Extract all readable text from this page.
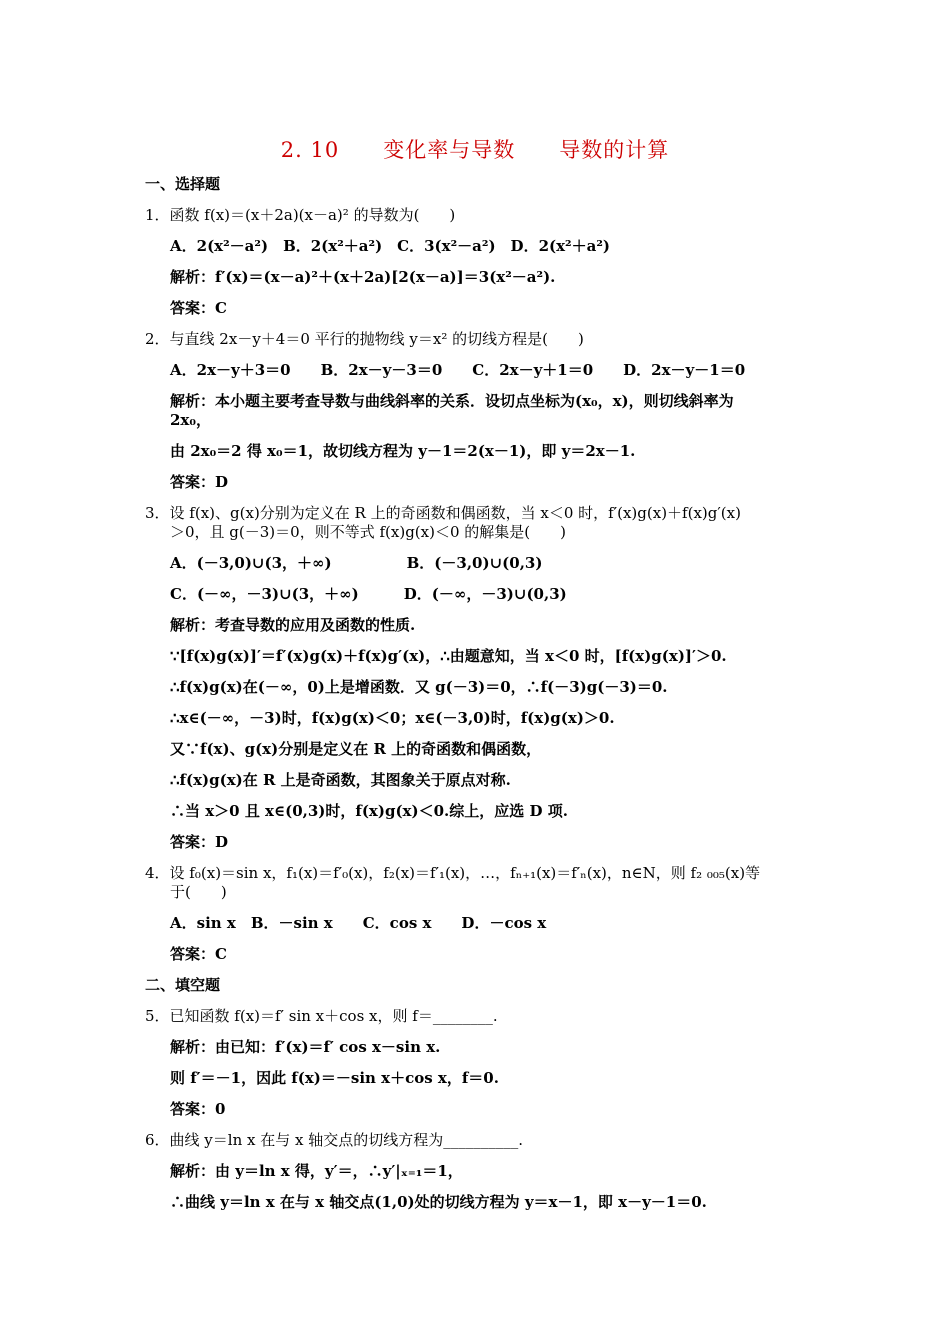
2. 10　　变化率与导数　　导数的计算
一、选择题
1．函数 f(x)＝(x＋2a)(x－a)² 的导数为(　　)
A．2(x²－a²)　B．2(x²＋a²)　C．3(x²－a²)　D．2(x²＋a²)
解析：f′(x)＝(x－a)²＋(x＋2a)[2(x－a)]＝3(x²－a²).
答案：C
2．与直线 2x－y＋4＝0 平行的抛物线 y＝x² 的切线方程是(　　)
A．2x－y＋3＝0　　B．2x－y－3＝0　　C．2x－y＋1＝0　　D．2x－y－1＝0
解析：本小题主要考查导数与曲线斜率的关系．设切点坐标为(x₀，x)，则切线斜率为
2x₀，
由 2x₀＝2 得 x₀＝1，故切线方程为 y－1＝2(x－1)，即 y＝2x－1.
答案：D
3．设 f(x)、g(x)分别为定义在 R 上的奇函数和偶函数，当 x＜0 时，f′(x)g(x)＋f(x)g′(x)
＞0，且 g(－3)＝0，则不等式 f(x)g(x)＜0 的解集是(　　)
A．(－3,0)∪(3，＋∞)　　　　　B．(－3,0)∪(0,3)
C．(－∞，－3)∪(3，＋∞)　　　D．(－∞，－3)∪(0,3)
解析：考查导数的应用及函数的性质.
∵[f(x)g(x)]′＝f′(x)g(x)＋f(x)g′(x)，∴由题意知，当 x＜0 时，[f(x)g(x)]′＞0.
∴f(x)g(x)在(－∞，0)上是增函数．又 g(－3)＝0，∴f(－3)g(－3)＝0.
∴x∈(－∞，－3)时，f(x)g(x)＜0；x∈(－3,0)时，f(x)g(x)＞0.
又∵f(x)、g(x)分别是定义在 R 上的奇函数和偶函数，
∴f(x)g(x)在 R 上是奇函数，其图象关于原点对称.
∴当 x＞0 且 x∈(0,3)时，f(x)g(x)＜0.综上，应选 D 项.
答案：D
4．设 f₀(x)＝sin x，f₁(x)＝f′₀(x)，f₂(x)＝f′₁(x)，…，fₙ₊₁(x)＝f′ₙ(x)，n∈N，则 f₂ ₀₀₅(x)等
于(　　)
A．sin x　B．－sin x　　C．cos x　　D．－cos x
答案：C
二、填空题
5．已知函数 f(x)＝f′ sin x＋cos x，则 f＝________.
解析：由已知：f′(x)＝f′ cos x－sin x.
则 f′＝－1，因此 f(x)＝－sin x＋cos x，f＝0.
答案：0
6．曲线 y＝ln x 在与 x 轴交点的切线方程为__________.
解析：由 y＝ln x 得，y′＝，∴y′|ₓ₌₁＝1，
∴曲线 y＝ln x 在与 x 轴交点(1,0)处的切线方程为 y＝x－1，即 x－y－1＝0.
